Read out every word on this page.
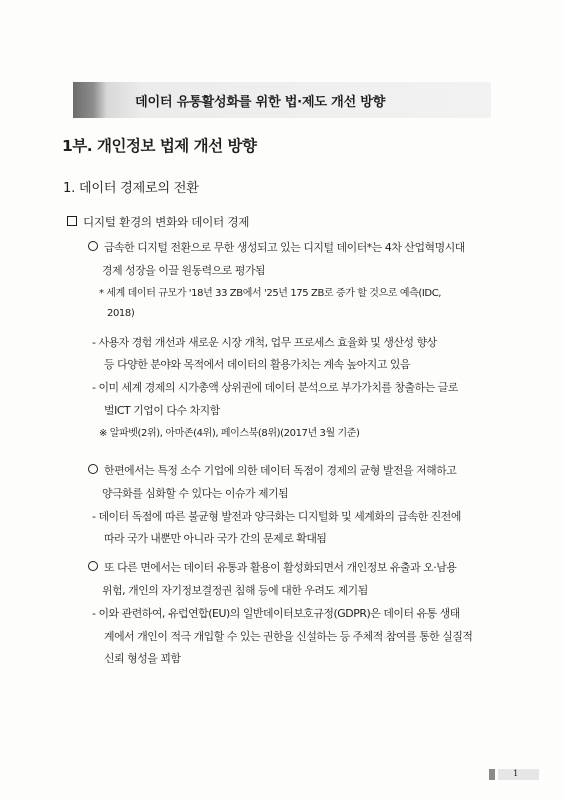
데이터 유통활성화를 위한 법·제도 개선 방향
1부. 개인정보 법제 개선 방향
1. 데이터 경제로의 전환
디지털 환경의 변화와 데이터 경제
급속한 디지털 전환으로 무한 생성되고 있는 디지털 데이터*는 4차 산업혁명시대
경제 성장을 이끌 원동력으로 평가됨
* 세계 데이터 규모가 '18년 33 ZB에서 '25년 175 ZB로 증가 할 것으로 예측(IDC,
2018)
- 사용자 경험 개선과 새로운 시장 개척, 업무 프로세스 효율화 및 생산성 향상
등 다양한 분야와 목적에서 데이터의 활용가치는 계속 높아지고 있음
- 이미 세계 경제의 시가총액 상위권에 데이터 분석으로 부가가치를 창출하는 글로
벌ICT 기업이 다수 차지함
※ 알파벳(2위), 아마존(4위), 페이스북(8위)(2017년 3월 기준)
한편에서는 특정 소수 기업에 의한 데이터 독점이 경제의 균형 발전을 저해하고
양극화를 심화할 수 있다는 이슈가 제기됨
- 데이터 독점에 따른 불균형 발전과 양극화는 디지털화 및 세계화의 급속한 진전에
따라 국가 내뿐만 아니라 국가 간의 문제로 확대됨
또 다른 면에서는 데이터 유통과 활용이 활성화되면서 개인정보 유출과 오·남용
위험, 개인의 자기정보결정권 침해 등에 대한 우려도 제기됨
- 이와 관련하여, 유럽연합(EU)의 일반데이터보호규정(GDPR)은 데이터 유통 생태
계에서 개인이 적극 개입할 수 있는 권한을 신설하는 등 주체적 참여를 통한 실질적
신뢰 형성을 꾀함
1
